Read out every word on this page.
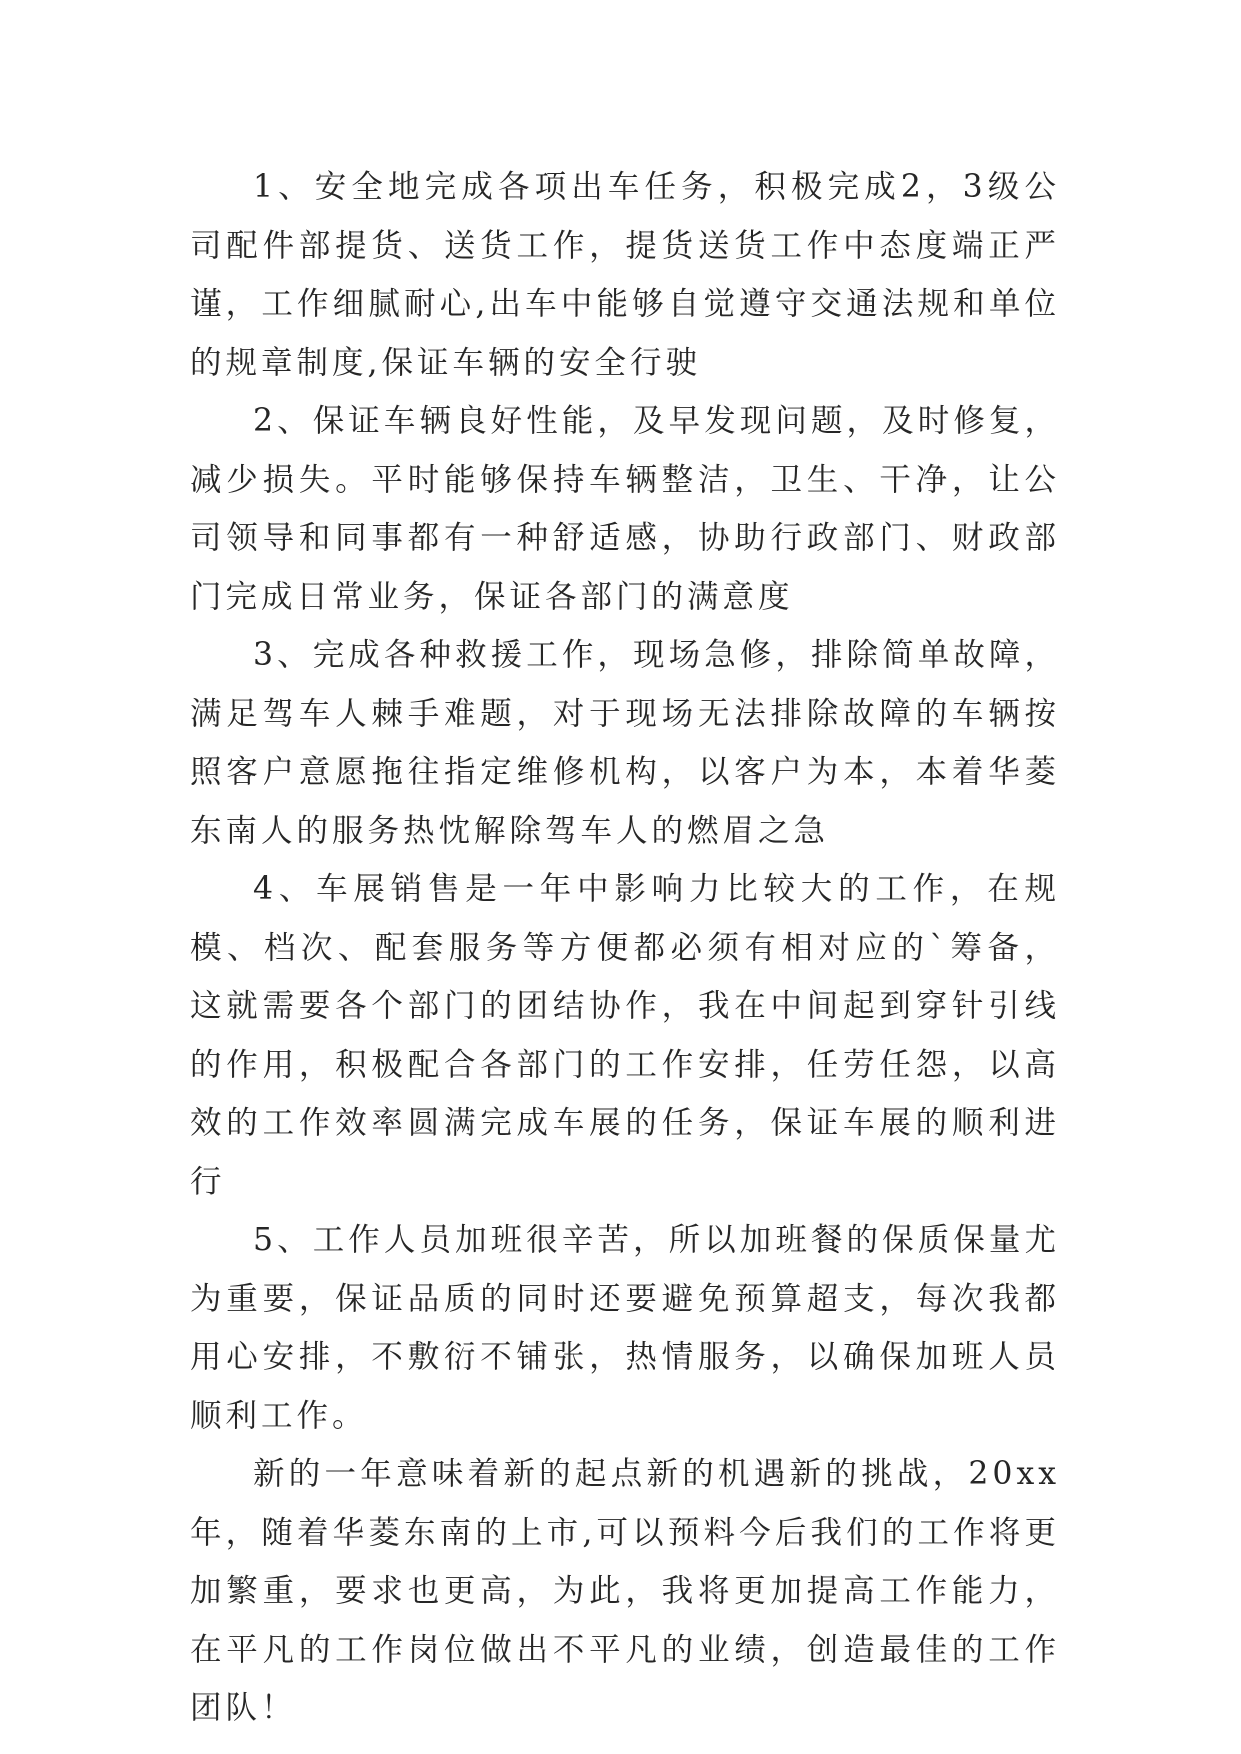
1、安全地完成各项出车任务，积极完成2，3级公司配件部提货、送货工作，提货送货工作中态度端正严谨，工作细腻耐心,出车中能够自觉遵守交通法规和单位的规章制度,保证车辆的安全行驶

2、保证车辆良好性能，及早发现问题，及时修复，减少损失。平时能够保持车辆整洁，卫生、干净，让公司领导和同事都有一种舒适感，协助行政部门、财政部门完成日常业务，保证各部门的满意度

3、完成各种救援工作，现场急修，排除简单故障，满足驾车人棘手难题，对于现场无法排除故障的车辆按照客户意愿拖往指定维修机构，以客户为本，本着华菱东南人的服务热忱解除驾车人的燃眉之急

4、车展销售是一年中影响力比较大的工作，在规模、档次、配套服务等方便都必须有相对应的`筹备，这就需要各个部门的团结协作，我在中间起到穿针引线的作用，积极配合各部门的工作安排，任劳任怨，以高效的工作效率圆满完成车展的任务，保证车展的顺利进行

5、工作人员加班很辛苦，所以加班餐的保质保量尤为重要，保证品质的同时还要避免预算超支，每次我都用心安排，不敷衍不铺张，热情服务，以确保加班人员顺利工作。

新的一年意味着新的起点新的机遇新的挑战，20xx年，随着华菱东南的上市,可以预料今后我们的工作将更加繁重，要求也更高，为此，我将更加提高工作能力，在平凡的工作岗位做出不平凡的业绩，创造最佳的工作团队！
